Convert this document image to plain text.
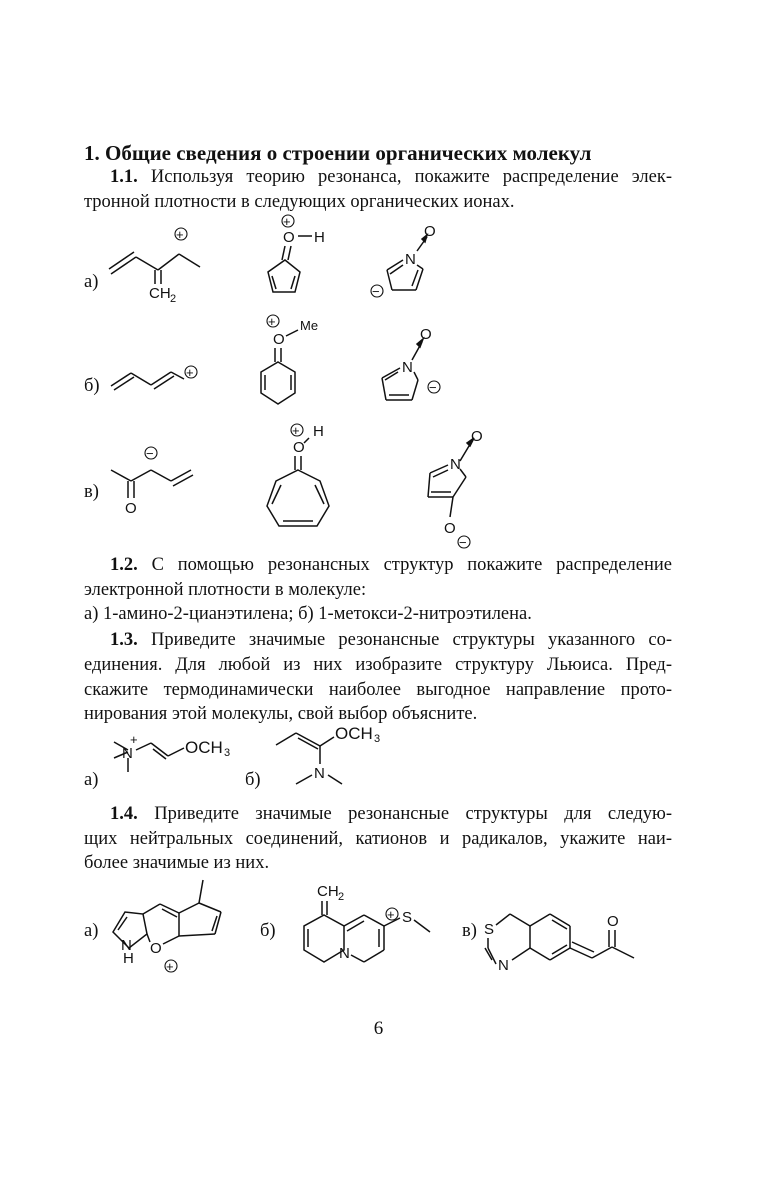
1. Общие сведения о строении органических молекул

1.1. Используя теорию резонанса, покажите распределение элек-

тронной плотности в следующих органических ионах.

а)
CH 2
+
+
O H	O
N
−
б)
+
+
O
Me
O
N
−
в)
O
−
+ H
O
O
N
O
−

1.2. С помощью резонансных структур покажите распределение

электронной плотности в молекуле:

а) 1-амино-2-цианэтилена; б) 1-метокси-2-нитроэтилена.

1.3. Приведите значимые резонансные структуры указанного со-

единения. Для любой из них изобразите структуру Льюиса. Пред-

скажите термодинамически наиболее выгодное направление прото-

нирования этой молекулы, свой выбор объясните.

а)
N
+	OCH 3
б)
OCH 3
N

1.4. Приведите значимые резонансные структуры для следую-

щих нейтральных соединений, катионов и радикалов, укажите наи-

более значимые из них.

а)
H
N O
+
б)
CH 2
N
+ S
в) S
N
O
6
